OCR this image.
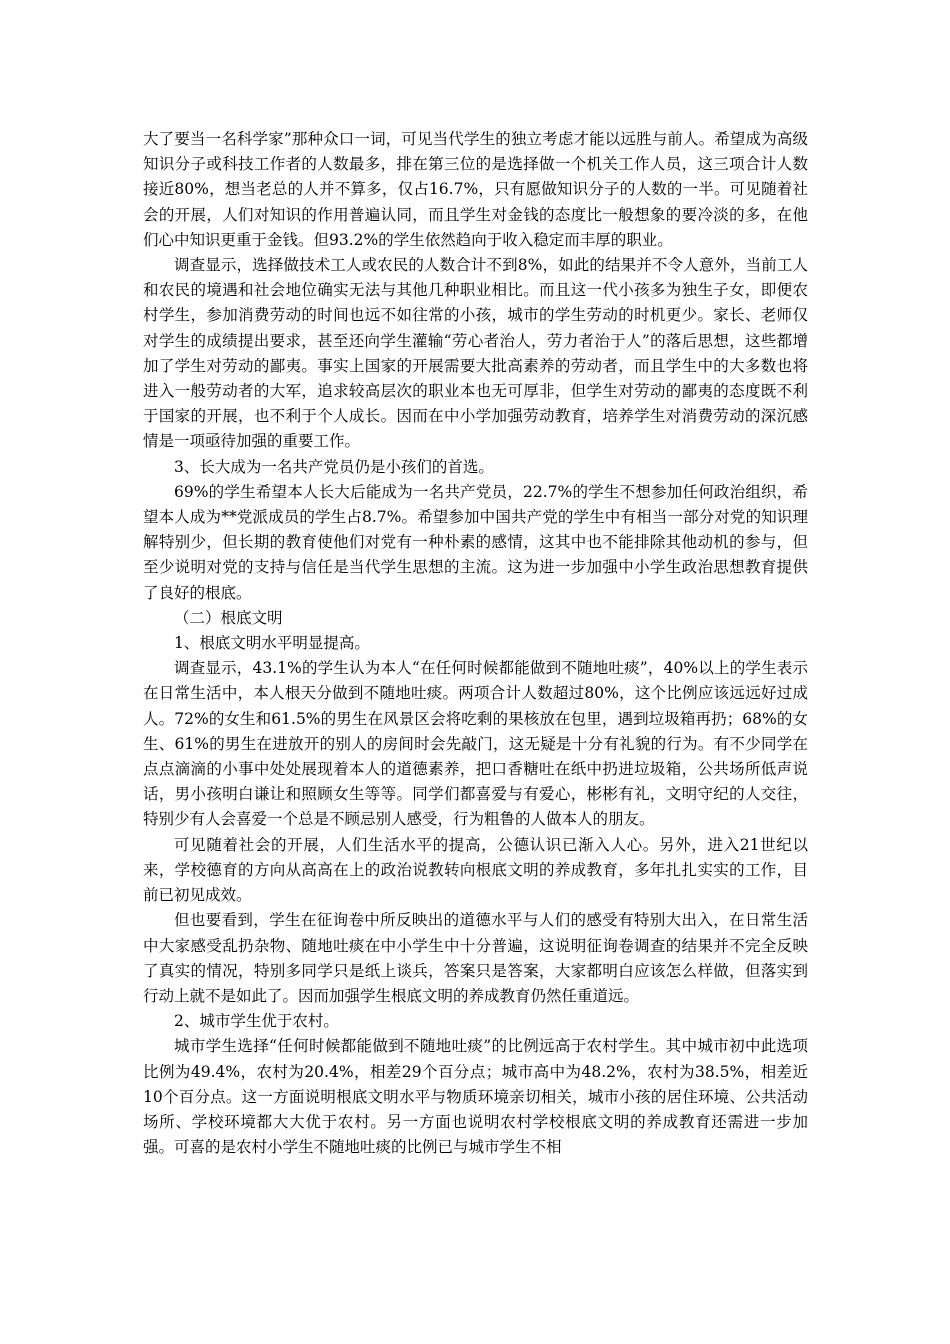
大了要当一名科学家”那种众口一词，可见当代学生的独立考虑才能以远胜与前人。希望成为高级知识分子或科技工作者的人数最多，排在第三位的是选择做一个机关工作人员，这三项合计人数接近80%，想当老总的人并不算多，仅占16.7%，只有愿做知识分子的人数的一半。可见随着社会的开展，人们对知识的作用普遍认同，而且学生对金钱的态度比一般想象的要冷淡的多，在他们心中知识更重于金钱。但93.2%的学生依然趋向于收入稳定而丰厚的职业。

调查显示，选择做技术工人或农民的人数合计不到8%，如此的结果并不令人意外，当前工人和农民的境遇和社会地位确实无法与其他几种职业相比。而且这一代小孩多为独生子女，即便农村学生，参加消费劳动的时间也远不如往常的小孩，城市的学生劳动的时机更少。家长、老师仅对学生的成绩提出要求，甚至还向学生灌输“劳心者治人，劳力者治于人”的落后思想，这些都增加了学生对劳动的鄙夷。事实上国家的开展需要大批高素养的劳动者，而且学生中的大多数也将进入一般劳动者的大军，追求较高层次的职业本也无可厚非，但学生对劳动的鄙夷的态度既不利于国家的开展，也不利于个人成长。因而在中小学加强劳动教育，培养学生对消费劳动的深沉感情是一项亟待加强的重要工作。

3、长大成为一名共产党员仍是小孩们的首选。

69%的学生希望本人长大后能成为一名共产党员，22.7%的学生不想参加任何政治组织，希望本人成为**党派成员的学生占8.7%。希望参加中国共产党的学生中有相当一部分对党的知识理解特别少，但长期的教育使他们对党有一种朴素的感情，这其中也不能排除其他动机的参与，但至少说明对党的支持与信任是当代学生思想的主流。这为进一步加强中小学生政治思想教育提供了良好的根底。

（二）根底文明

1、根底文明水平明显提高。

调查显示，43.1%的学生认为本人“在任何时候都能做到不随地吐痰”，40%以上的学生表示在日常生活中，本人根天分做到不随地吐痰。两项合计人数超过80%，这个比例应该远远好过成人。72%的女生和61.5%的男生在风景区会将吃剩的果核放在包里，遇到垃圾箱再扔；68%的女生、61%的男生在进放开的别人的房间时会先敲门，这无疑是十分有礼貌的行为。有不少同学在点点滴滴的小事中处处展现着本人的道德素养，把口香糖吐在纸中扔进垃圾箱，公共场所低声说话，男小孩明白谦让和照顾女生等等。同学们都喜爱与有爱心，彬彬有礼，文明守纪的人交往，特别少有人会喜爱一个总是不顾忌别人感受，行为粗鲁的人做本人的朋友。

可见随着社会的开展，人们生活水平的提高，公德认识已渐入人心。另外，进入21世纪以来，学校德育的方向从高高在上的政治说教转向根底文明的养成教育，多年扎扎实实的工作，目前已初见成效。

但也要看到，学生在征询卷中所反映出的道德水平与人们的感受有特别大出入，在日常生活中大家感受乱扔杂物、随地吐痰在中小学生中十分普遍，这说明征询卷调查的结果并不完全反映了真实的情况，特别多同学只是纸上谈兵，答案只是答案，大家都明白应该怎么样做，但落实到行动上就不是如此了。因而加强学生根底文明的养成教育仍然任重道远。

2、城市学生优于农村。

城市学生选择“任何时候都能做到不随地吐痰”的比例远高于农村学生。其中城市初中此选项比例为49.4%，农村为20.4%，相差29个百分点；城市高中为48.2%，农村为38.5%，相差近10个百分点。这一方面说明根底文明水平与物质环境亲切相关，城市小孩的居住环境、公共活动场所、学校环境都大大优于农村。另一方面也说明农村学校根底文明的养成教育还需进一步加强。可喜的是农村小学生不随地吐痰的比例已与城市学生不相
